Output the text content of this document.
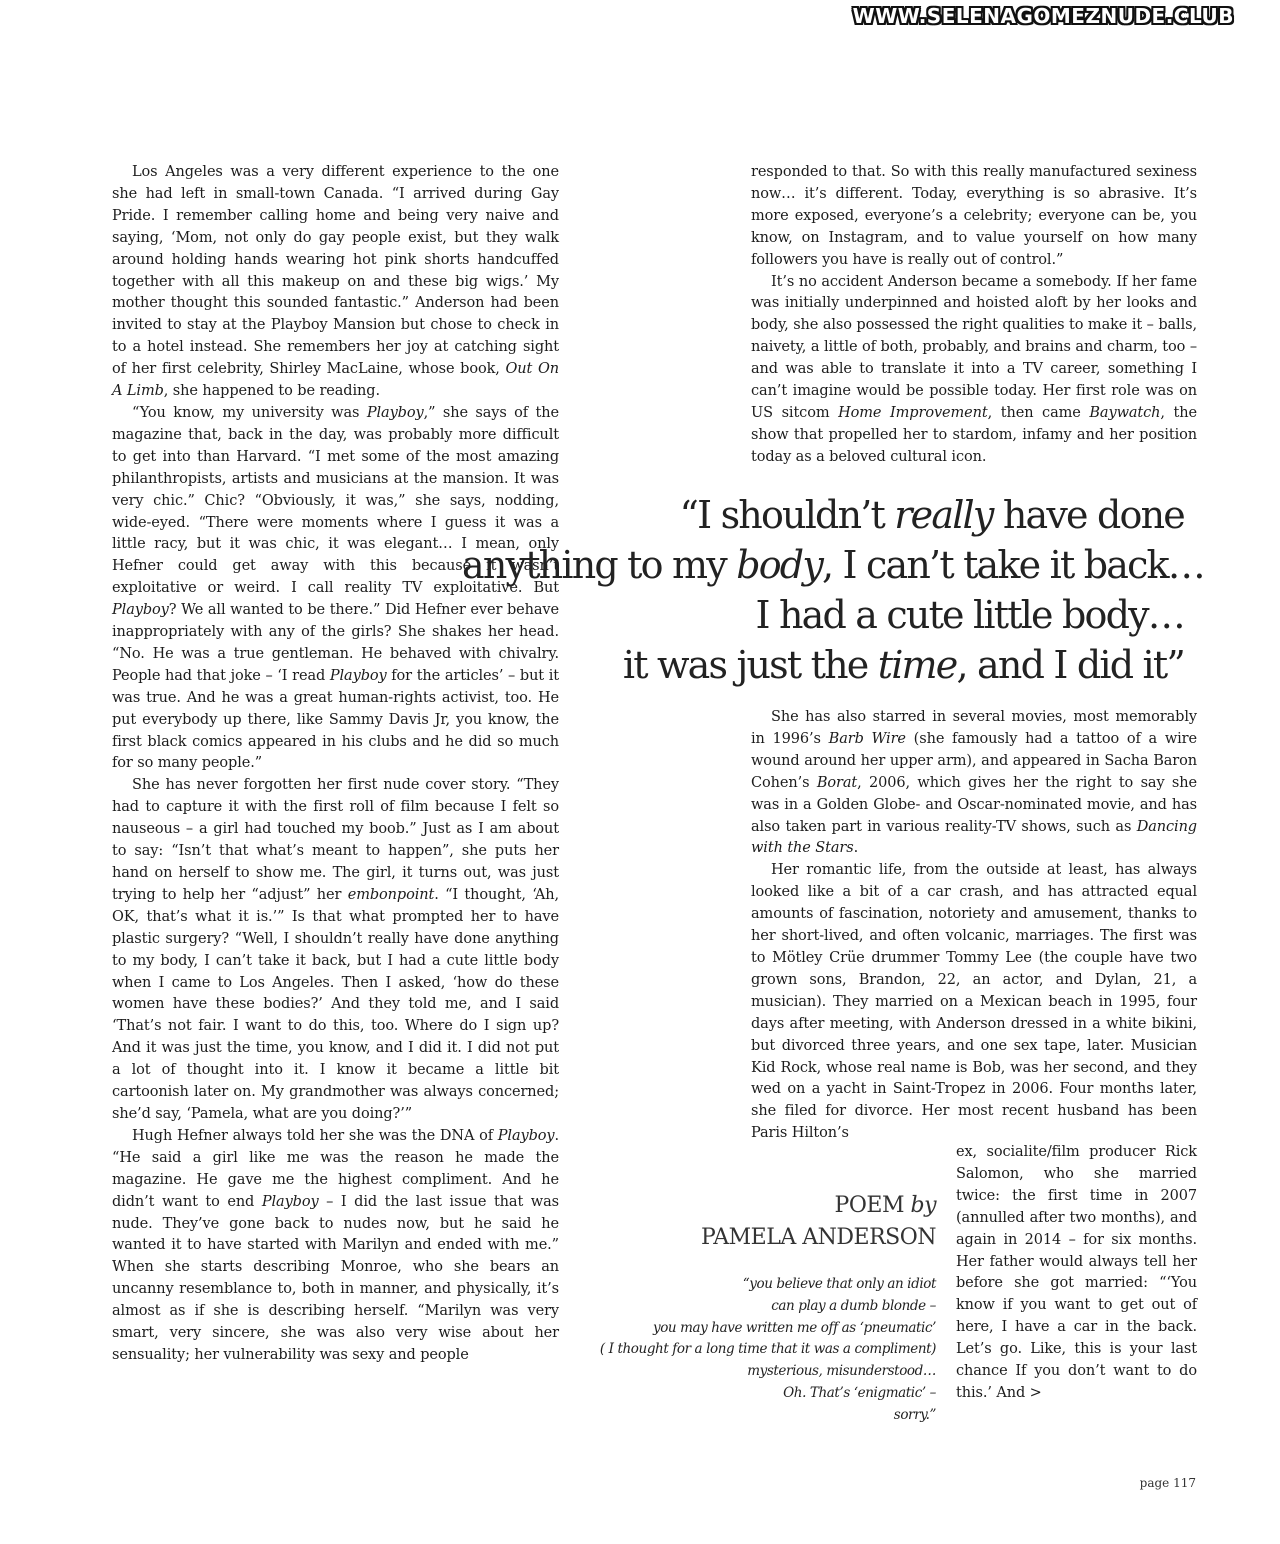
WWW.SELENAGOMEZNUDE.CLUB

Los Angeles was a very different experience to the one she had left in small-town Canada. “I arrived during Gay Pride. I remember calling home and being very naive and saying, ‘Mom, not only do gay people exist, but they walk around holding hands wearing hot pink shorts handcuffed together with all this makeup on and these big wigs.’ My mother thought this sounded fantastic.” Anderson had been invited to stay at the Playboy Mansion but chose to check in to a hotel instead. She remembers her joy at catching sight of her first celebrity, Shirley MacLaine, whose book, Out On A Limb, she happened to be reading.

“You know, my university was Playboy,” she says of the magazine that, back in the day, was probably more difficult to get into than Harvard. “I met some of the most amazing philanthropists, artists and musicians at the mansion. It was very chic.” Chic? “Obviously, it was,” she says, nodding, wide-eyed. “There were moments where I guess it was a little racy, but it was chic, it was elegant… I mean, only Hefner could get away with this because it wasn’t exploitative or weird. I call reality TV exploitative. But Playboy? We all wanted to be there.” Did Hefner ever behave inappropriately with any of the girls? She shakes her head. “No. He was a true gentleman. He behaved with chivalry. People had that joke – ‘I read Playboy for the articles’ – but it was true. And he was a great human-rights activist, too. He put everybody up there, like Sammy Davis Jr, you know, the first black comics appeared in his clubs and he did so much for so many people.”

She has never forgotten her first nude cover story. “They had to capture it with the first roll of film because I felt so nauseous – a girl had touched my boob.” Just as I am about to say: “Isn’t that what’s meant to happen”, she puts her hand on herself to show me. The girl, it turns out, was just trying to help her “adjust” her embonpoint. “I thought, ‘Ah, OK, that’s what it is.’” Is that what prompted her to have plastic surgery? “Well, I shouldn’t really have done anything to my body, I can’t take it back, but I had a cute little body when I came to Los Angeles. Then I asked, ‘how do these women have these bodies?’ And they told me, and I said ‘That’s not fair. I want to do this, too. Where do I sign up? And it was just the time, you know, and I did it. I did not put a lot of thought into it. I know it became a little bit cartoonish later on. My grandmother was always concerned; she’d say, ‘Pamela, what are you doing?’”

Hugh Hefner always told her she was the DNA of Playboy. “He said a girl like me was the reason he made the magazine. He gave me the highest compliment. And he didn’t want to end Playboy – I did the last issue that was nude. They’ve gone back to nudes now, but he said he wanted it to have started with Marilyn and ended with me.” When she starts describing Monroe, who she bears an uncanny resemblance to, both in manner, and physically, it’s almost as if she is describing herself. “Marilyn was very smart, very sincere, she was also very wise about her sensuality; her vulnerability was sexy and people

responded to that. So with this really manufactured sexiness now… it’s different. Today, everything is so abrasive. It’s more exposed, everyone’s a celebrity; everyone can be, you know, on Instagram, and to value yourself on how many followers you have is really out of control.”

It’s no accident Anderson became a somebody. If her fame was initially underpinned and hoisted aloft by her looks and body, she also possessed the right qualities to make it – balls, naivety, a little of both, probably, and brains and charm, too – and was able to translate it into a TV career, something I can’t imagine would be possible today. Her first role was on US sitcom Home Improvement, then came Baywatch, the show that propelled her to stardom, infamy and her position today as a beloved cultural icon.

“I shouldn’t really have done
anything to my body, I can’t take it back…
I had a cute little body…
it was just the time, and I did it”

She has also starred in several movies, most memorably in 1996’s Barb Wire (she famously had a tattoo of a wire wound around her upper arm), and appeared in Sacha Baron Cohen’s Borat, 2006, which gives her the right to say she was in a Golden Globe- and Oscar-nominated movie, and has also taken part in various reality-TV shows, such as Dancing with the Stars.

Her romantic life, from the outside at least, has always looked like a bit of a car crash, and has attracted equal amounts of fascination, notoriety and amusement, thanks to her short-lived, and often volcanic, marriages. The first was to Mötley Crüe drummer Tommy Lee (the couple have two grown sons, Brandon, 22, an actor, and Dylan, 21, a musician). They married on a Mexican beach in 1995, four days after meeting, with Anderson dressed in a white bikini, but divorced three years, and one sex tape, later. Musician Kid Rock, whose real name is Bob, was her second, and they wed on a yacht in Saint-Tropez in 2006. Four months later, she filed for divorce. Her most recent husband has been Paris Hilton’s

ex, socialite/film producer Rick Salomon, who she married twice: the first time in 2007 (annulled after two months), and again in 2014 – for six months. Her father would always tell her before she got married: “‘You know if you want to get out of here, I have a car in the back. Let’s go. Like, this is your last chance If you don’t want to do this.’ And >

POEM by
PAMELA ANDERSON
“you believe that only an idiot
can play a dumb blonde –
you may have written me off as ‘pneumatic’
( I thought for a long time that it was a compliment)
mysterious, misunderstood…
Oh. That’s ‘enigmatic’ –
sorry.”
page 117
